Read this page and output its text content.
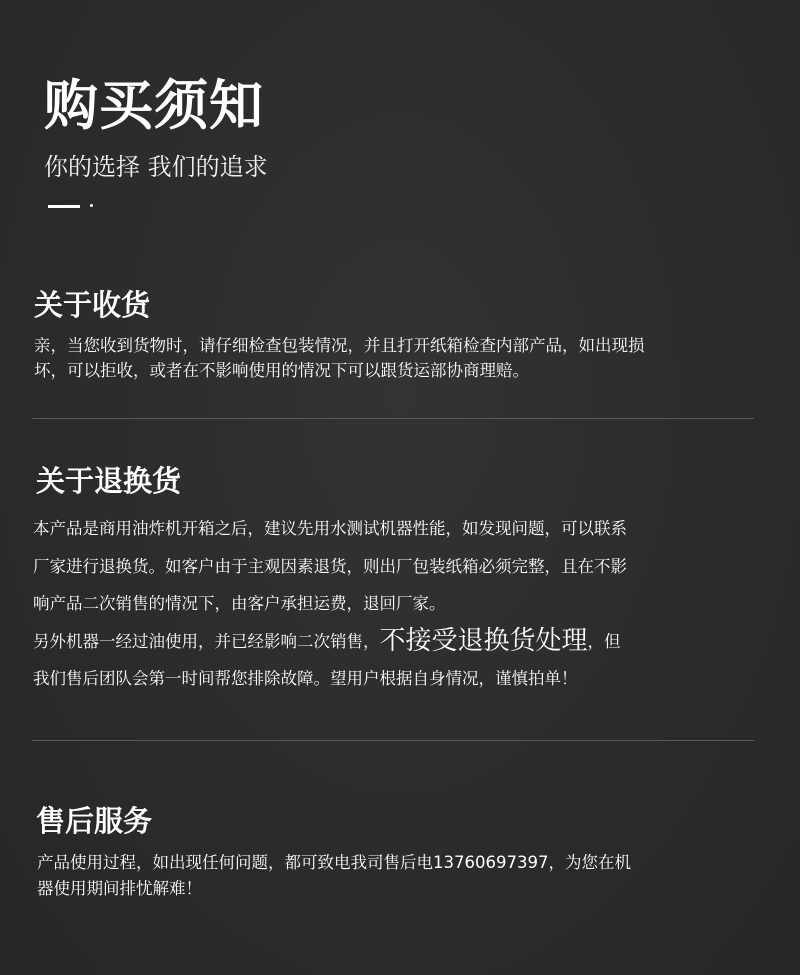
购买须知
你的选择 我们的追求
关于收货

亲，当您收到货物时，请仔细检查包装情况，并且打开纸箱检查内部产品，如出现损

坏，可以拒收，或者在不影响使用的情况下可以跟货运部协商理赔。

关于退换货

本产品是商用油炸机开箱之后，建议先用水测试机器性能，如发现问题，可以联系

厂家进行退换货。如客户由于主观因素退货，则出厂包装纸箱必须完整，且在不影

响产品二次销售的情况下，由客户承担运费，退回厂家。

另外机器一经过油使用，并已经影响二次销售，不接受退换货处理，但

我们售后团队会第一时间帮您排除故障。望用户根据自身情况，谨慎拍单！

售后服务

产品使用过程，如出现任何问题，都可致电我司售后电13760697397，为您在机

器使用期间排忧解难！
